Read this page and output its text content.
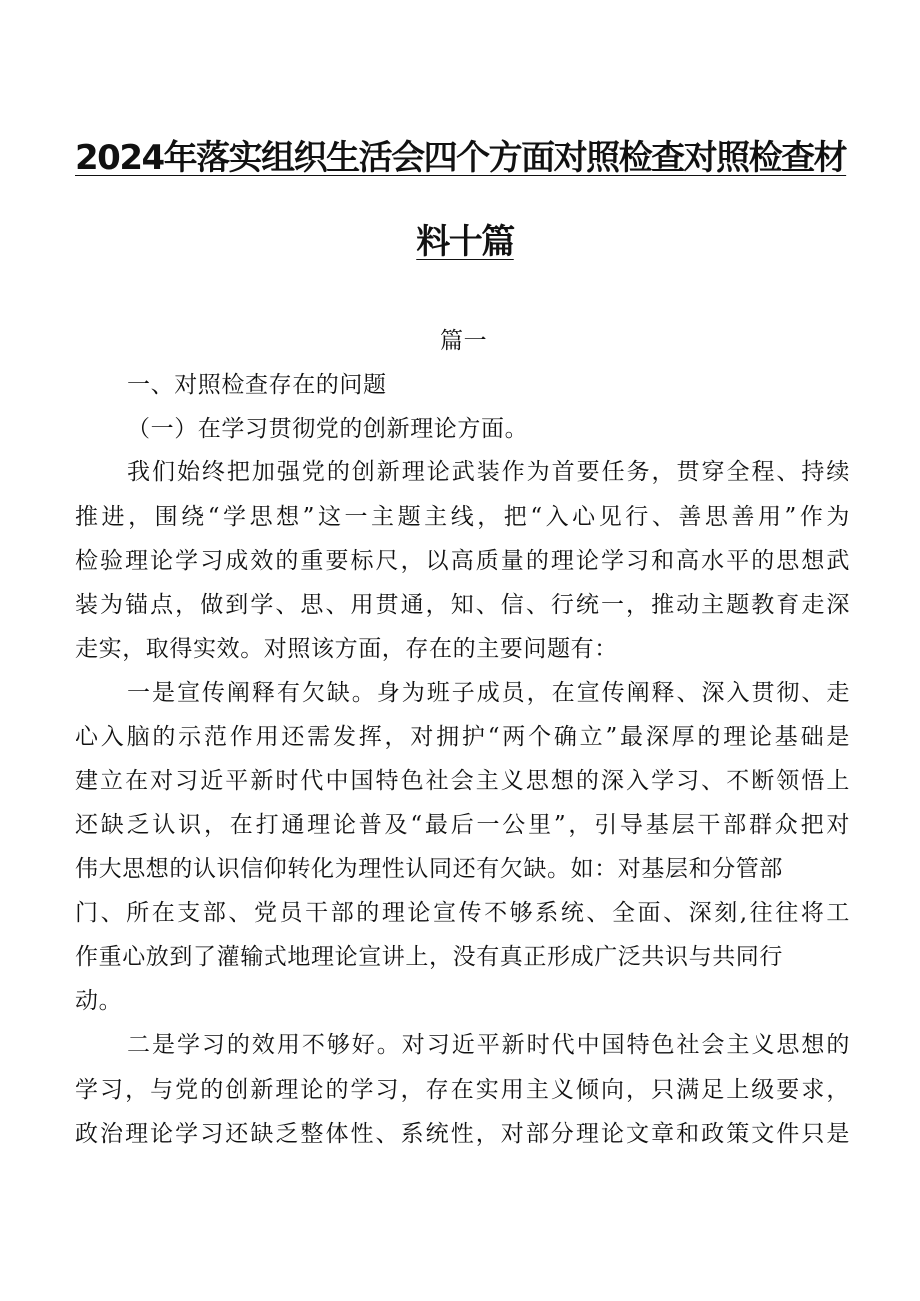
2024年落实组织生活会四个方面对照检查对照检查材
料十篇

篇一

一、对照检查存在的问题

（一）在学习贯彻党的创新理论方面。

我们始终把加强党的创新理论武装作为首要任务，贯穿全程、持续

推进，围绕“学思想”这一主题主线，把“入心见行、善思善用”作为

检验理论学习成效的重要标尺，以高质量的理论学习和高水平的思想武

装为锚点，做到学、思、用贯通，知、信、行统一，推动主题教育走深

走实，取得实效。对照该方面，存在的主要问题有：

一是宣传阐释有欠缺。身为班子成员，在宣传阐释、深入贯彻、走

心入脑的示范作用还需发挥，对拥护“两个确立”最深厚的理论基础是

建立在对习近平新时代中国特色社会主义思想的深入学习、不断领悟上

还缺乏认识，在打通理论普及“最后一公里”，引导基层干部群众把对

伟大思想的认识信仰转化为理性认同还有欠缺。如：对基层和分管部

门、所在支部、党员干部的理论宣传不够系统、全面、深刻,往往将工

作重心放到了灌输式地理论宣讲上，没有真正形成广泛共识与共同行

动。

二是学习的效用不够好。对习近平新时代中国特色社会主义思想的

学习，与党的创新理论的学习，存在实用主义倾向，只满足上级要求，

政治理论学习还缺乏整体性、系统性，对部分理论文章和政策文件只是
